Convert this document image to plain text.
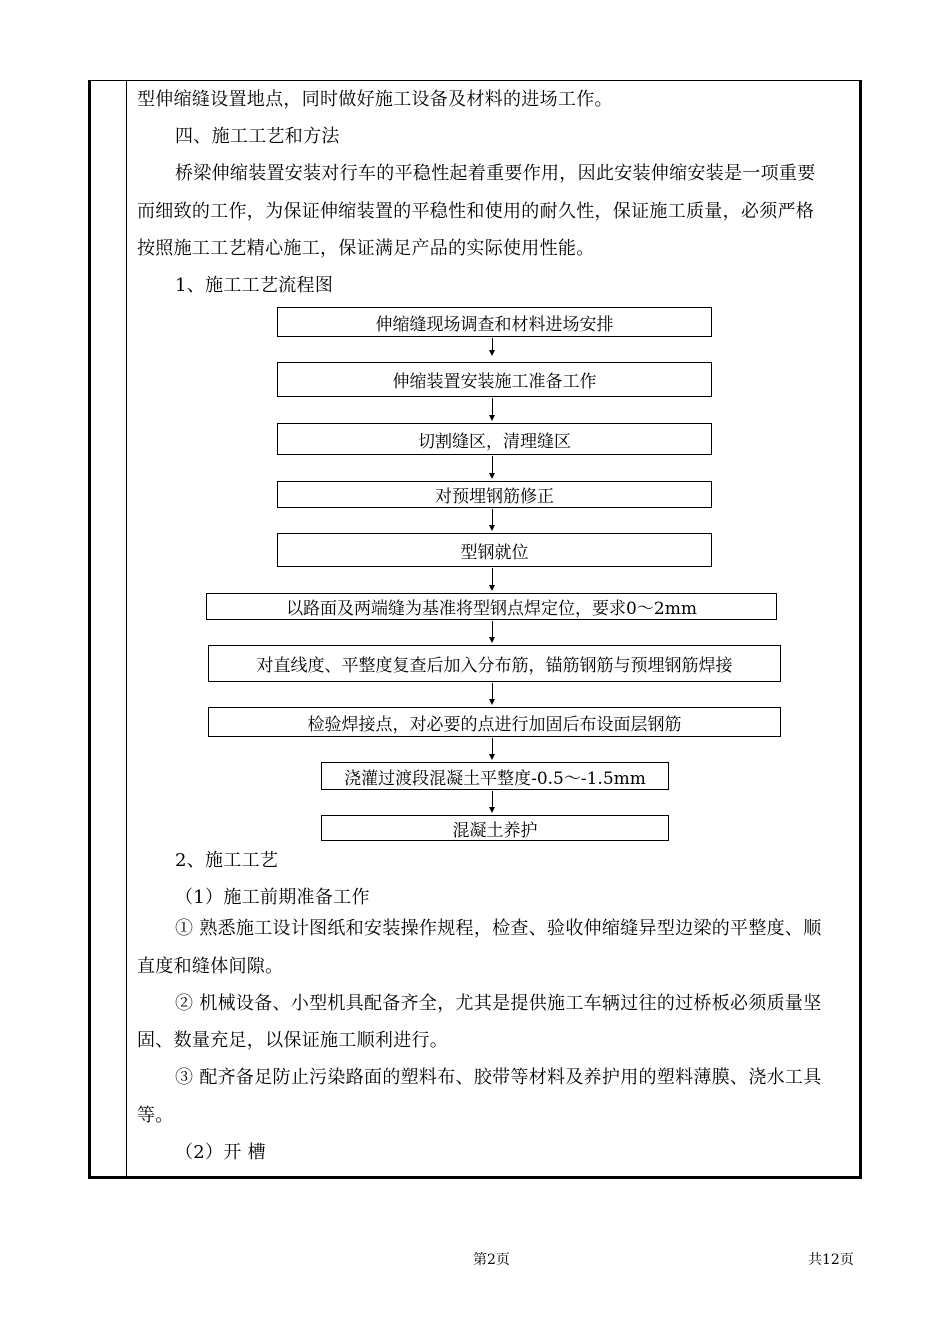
型伸缩缝设置地点，同时做好施工设备及材料的进场工作。
四、施工工艺和方法
桥梁伸缩装置安装对行车的平稳性起着重要作用，因此安装伸缩安装是一项重要
而细致的工作，为保证伸缩装置的平稳性和使用的耐久性，保证施工质量，必须严格
按照施工工艺精心施工，保证满足产品的实际使用性能。
1、施工工艺流程图
伸缩缝现场调查和材料进场安排
伸缩装置安装施工准备工作
切割缝区，清理缝区
对预埋钢筋修正
型钢就位
以路面及两端缝为基准将型钢点焊定位，要求0～2mm
对直线度、平整度复查后加入分布筋，锚筋钢筋与预埋钢筋焊接
检验焊接点，对必要的点进行加固后布设面层钢筋
浇灌过渡段混凝土平整度-0.5～-1.5mm
混凝土养护
2、施工工艺
（1）施工前期准备工作
① 熟悉施工设计图纸和安装操作规程，检查、验收伸缩缝异型边梁的平整度、顺
直度和缝体间隙。
② 机械设备、小型机具配备齐全，尤其是提供施工车辆过往的过桥板必须质量坚
固、数量充足，以保证施工顺利进行。
③ 配齐备足防止污染路面的塑料布、胶带等材料及养护用的塑料薄膜、浇水工具
等。
（2）开 槽
第2页	共12页
